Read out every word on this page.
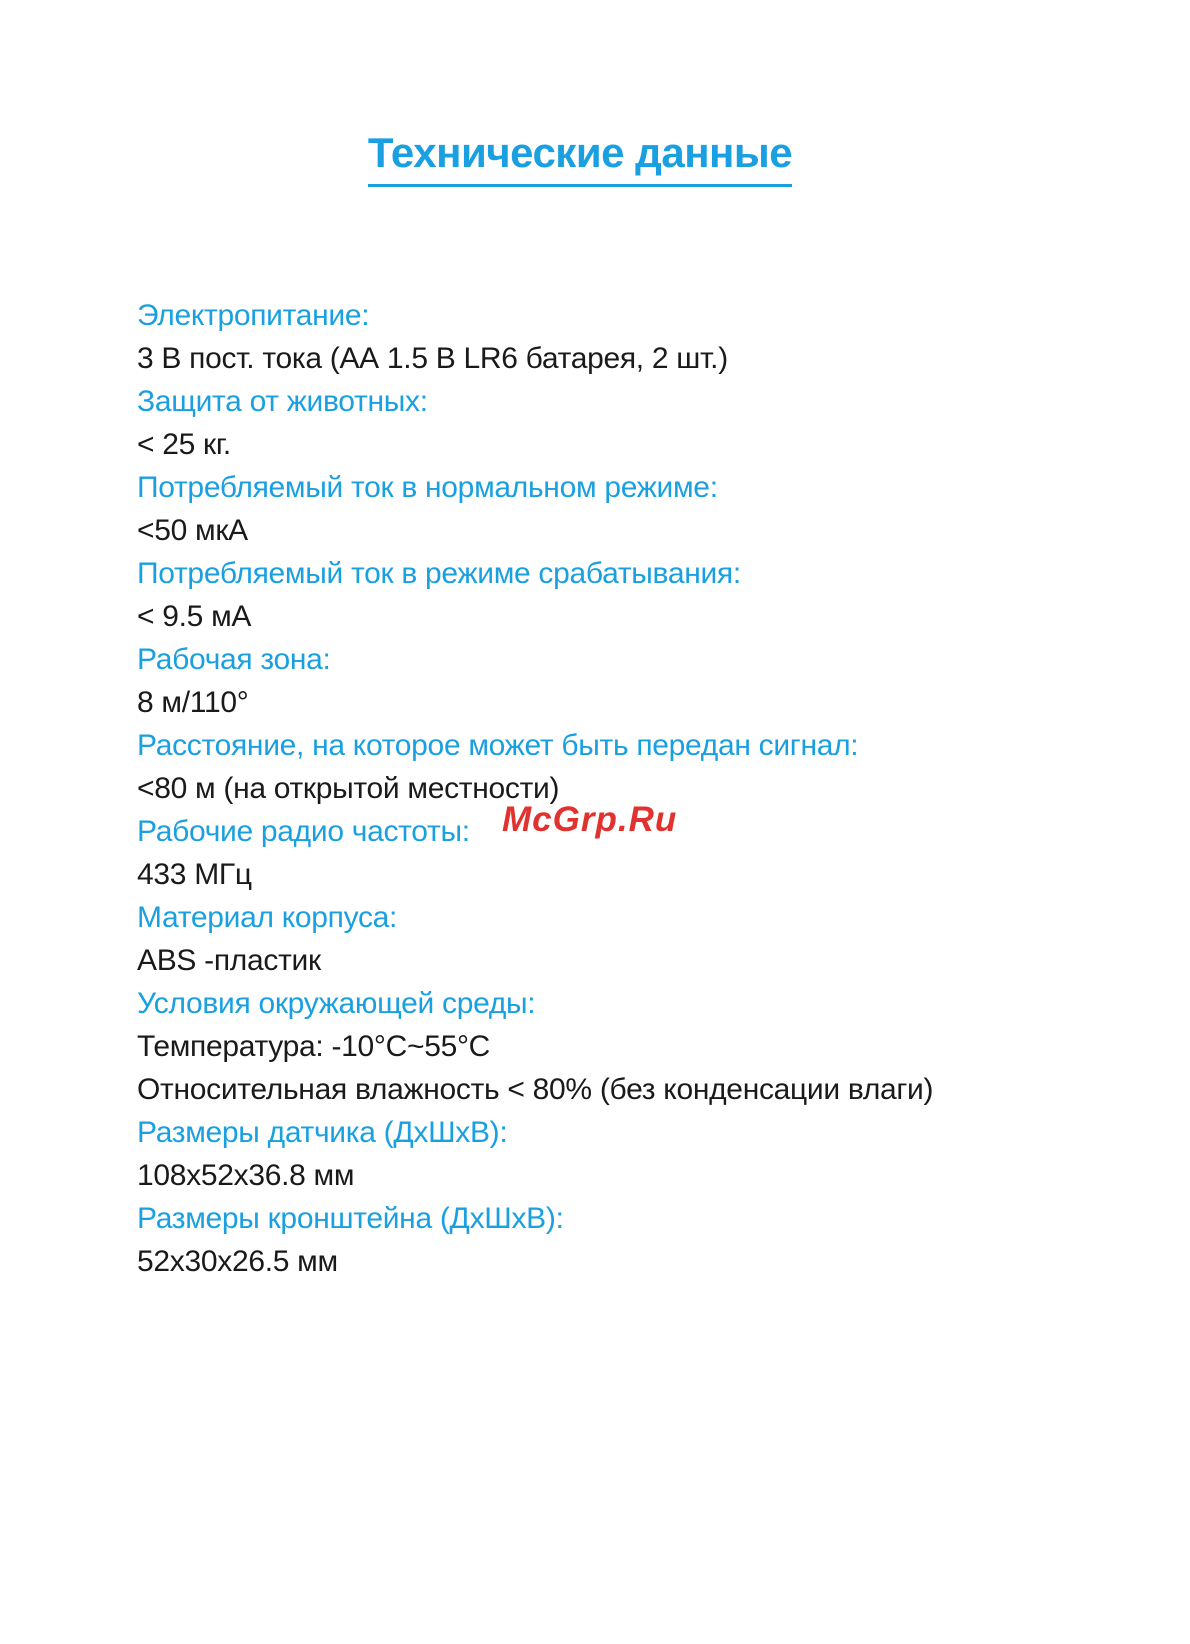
Технические данные
Электропитание:
3 В пост. тока (АА 1.5 В LR6 батарея, 2 шт.)
Защита от животных:
< 25 кг.
Потребляемый ток в нормальном режиме:
<50 мкА
Потребляемый ток в режиме срабатывания:
< 9.5 мА
Рабочая зона:
8 м/110°
Расстояние, на которое может быть передан сигнал:
<80 м (на открытой местности)
Рабочие радио частоты:
433 МГц
Материал корпуса:
ABS -пластик
Условия окружающей среды:
Температура: -10°С~55°С
Относительная влажность < 80% (без конденсации влаги)
Размеры датчика (ДхШхВ):
108х52х36.8 мм
Размеры кронштейна (ДхШхВ):
52х30х26.5 мм
McGrp.Ru
